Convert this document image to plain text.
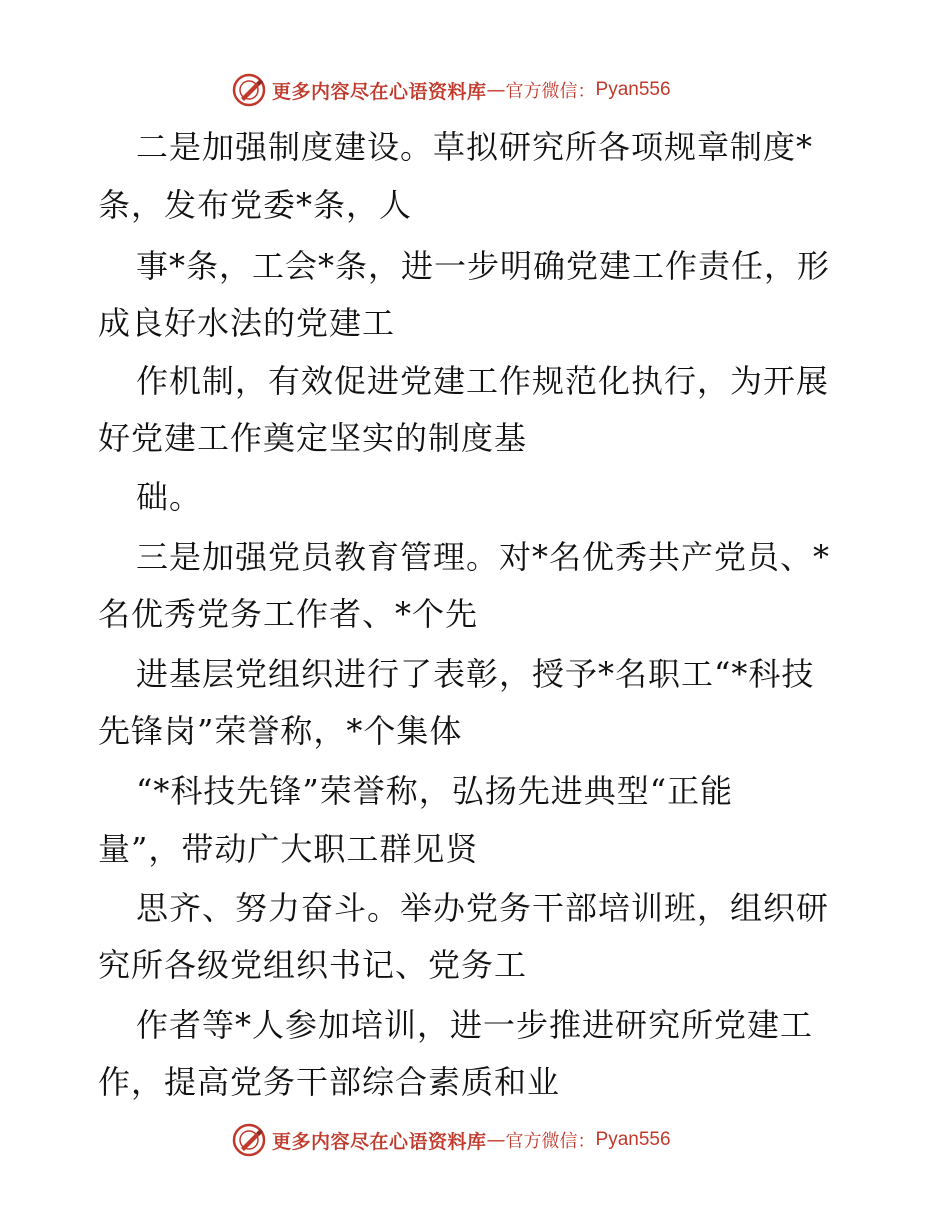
更多内容尽在心语资料库 — 官方微信： Pyan556
二是加强制度建设。草拟研究所各项规章制度*
条，发布党委*条，人
事*条，工会*条，进一步明确党建工作责任，形
成良好水法的党建工
作机制，有效促进党建工作规范化执行，为开展
好党建工作奠定坚实的制度基
础。
三是加强党员教育管理。对*名优秀共产党员、*
名优秀党务工作者、*个先
进基层党组织进行了表彰，授予*名职工“*科技
先锋岗”荣誉称，*个集体
“*科技先锋”荣誉称，弘扬先进典型“正能
量”，带动广大职工群见贤
思齐、努力奋斗。举办党务干部培训班，组织研
究所各级党组织书记、党务工
作者等*人参加培训，进一步推进研究所党建工
作，提高党务干部综合素质和业
更多内容尽在心语资料库 — 官方微信： Pyan556
